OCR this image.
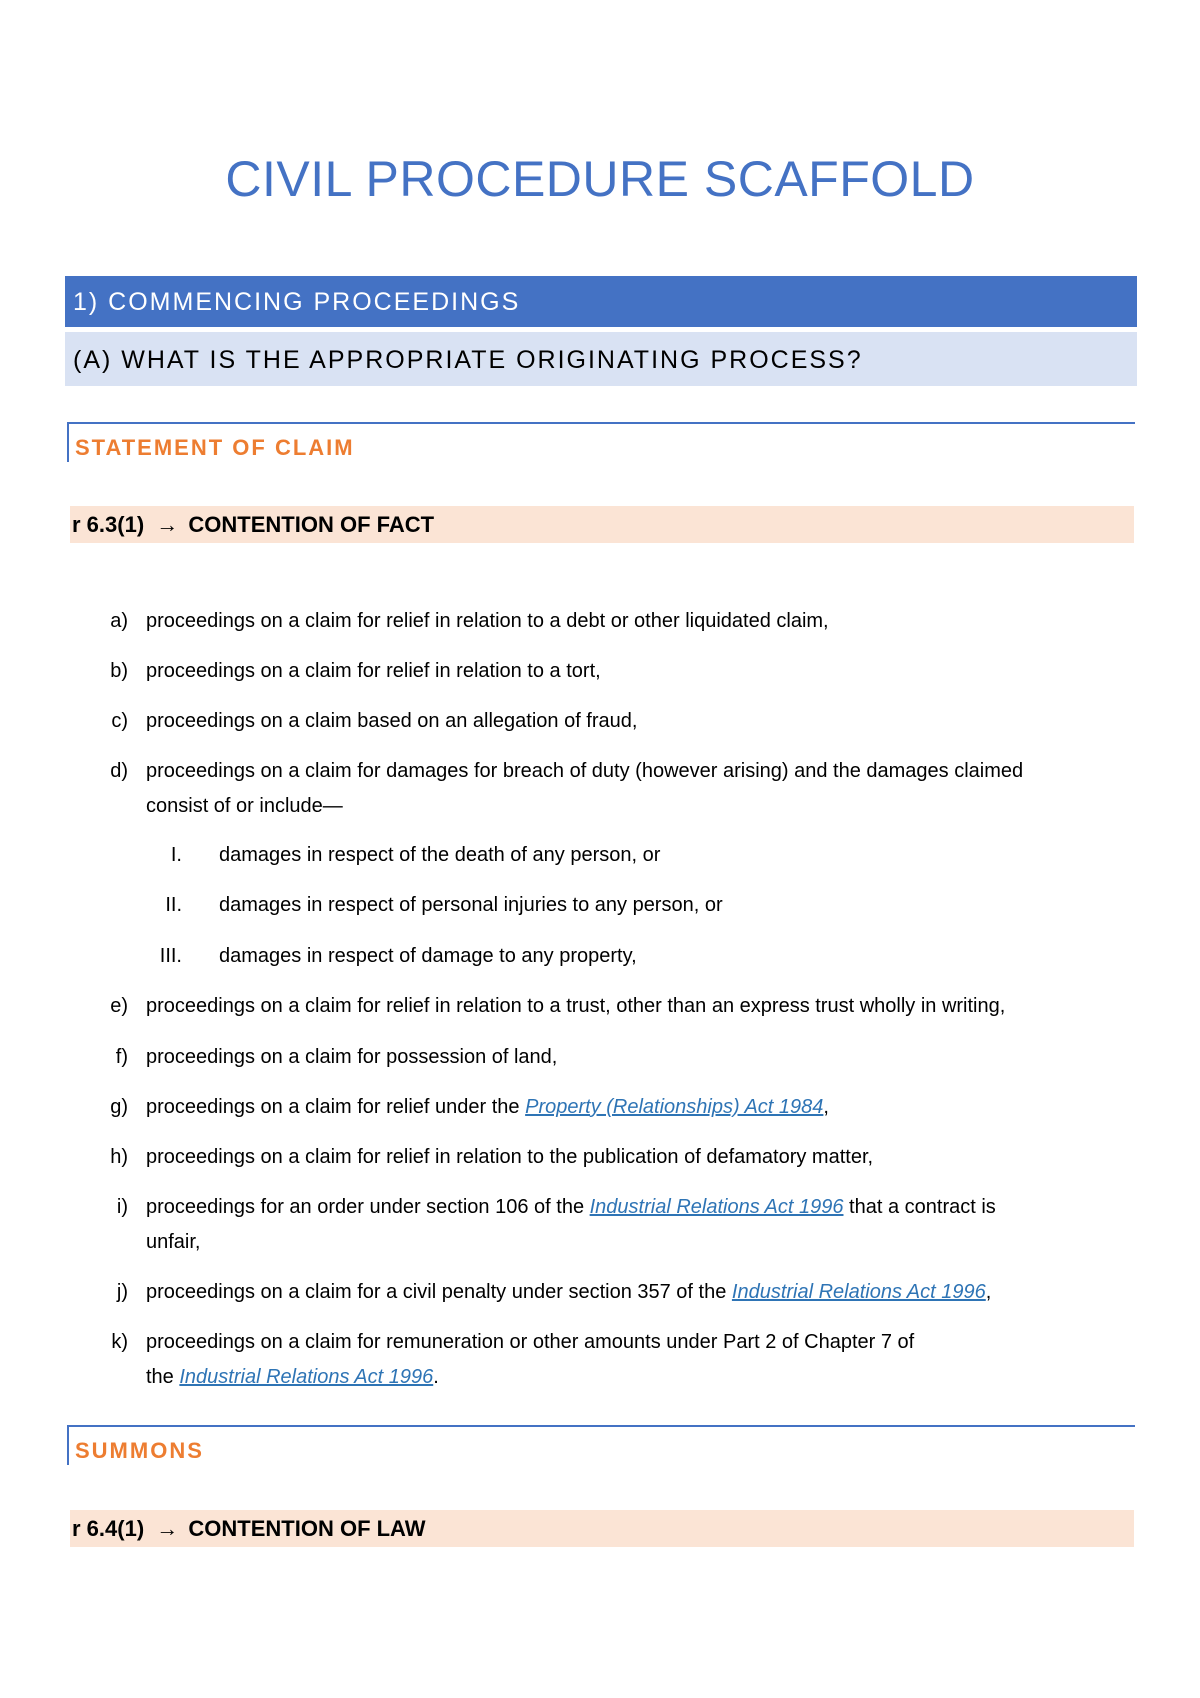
CIVIL PROCEDURE SCAFFOLD
1) COMMENCING PROCEEDINGS
(A) WHAT IS THE APPROPRIATE ORIGINATING PROCESS?
STATEMENT OF CLAIM
r 6.3(1) → CONTENTION OF FACT
a) proceedings on a claim for relief in relation to a debt or other liquidated claim,
b) proceedings on a claim for relief in relation to a tort,
c) proceedings on a claim based on an allegation of fraud,
d) proceedings on a claim for damages for breach of duty (however arising) and the damages claimed
consist of or include—
I. damages in respect of the death of any person, or
II. damages in respect of personal injuries to any person, or
III. damages in respect of damage to any property,
e) proceedings on a claim for relief in relation to a trust, other than an express trust wholly in writing,
f) proceedings on a claim for possession of land,
g) proceedings on a claim for relief under the Property (Relationships) Act 1984,
h) proceedings on a claim for relief in relation to the publication of defamatory matter,
i) proceedings for an order under section 106 of the Industrial Relations Act 1996 that a contract is
unfair,
j) proceedings on a claim for a civil penalty under section 357 of the Industrial Relations Act 1996,
k) proceedings on a claim for remuneration or other amounts under Part 2 of Chapter 7 of
the Industrial Relations Act 1996.
SUMMONS
r 6.4(1) → CONTENTION OF LAW
